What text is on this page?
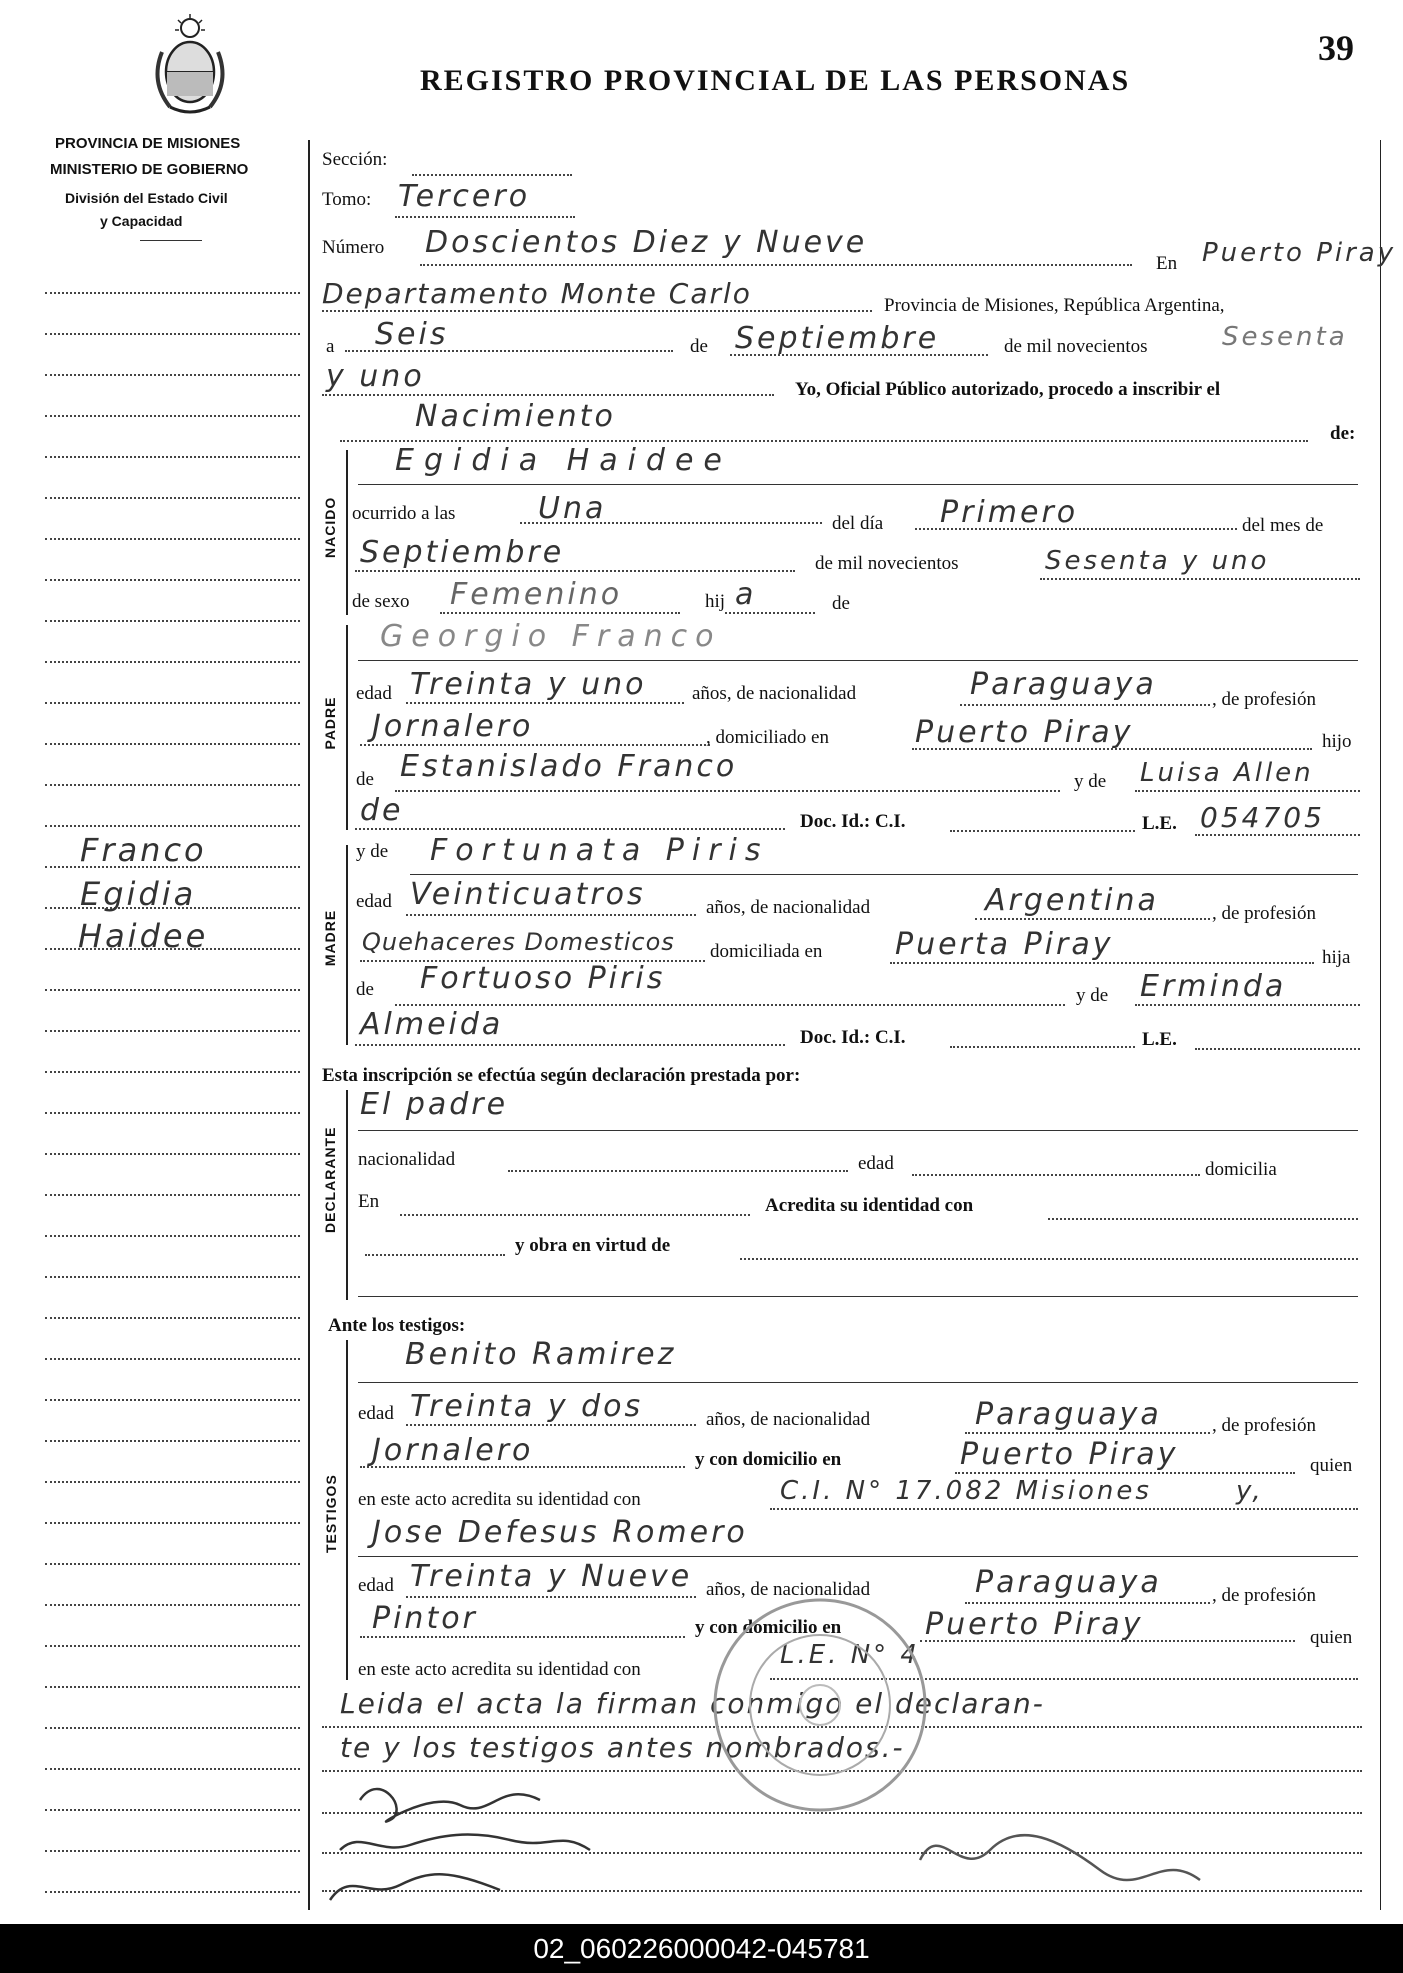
REGISTRO PROVINCIAL DE LAS PERSONAS
39
PROVINCIA DE MISIONES
MINISTERIO DE GOBIERNO
División del Estado Civil
y Capacidad
Franco
Egidia
Haidee
Sección:
Tomo: Tercero
Número Doscientos Diez y Nueve
En Puerto Piray
Departamento Monte Carlo	Provincia de Misiones, República Argentina,
a Seis	de Septiembre	de mil novecientos	Sesenta
y uno	Yo, Oficial Público autorizado, procedo a inscribir el
Nacimiento	de:
NACIDO
Egidia Haidee
ocurrido a las	Una	del día Primero	del mes de
Septiembre	de mil novecientos	Sesenta y uno
de sexo Femenino	hij a	de
PADRE
Georgio Franco
edad Treinta y uno años, de nacionalidad	Paraguaya	, de profesión
Jornalero	, domiciliado en	Puerto Piray	hijo
de Estanislado Franco	y de Luisa Allen
de	Doc. Id.: C.I.	L.E. 054705
MADRE
y de Fortunata Piris
edad Veinticuatros	años, de nacionalidad	Argentina	, de profesión
Quehaceres Domesticos domiciliada en Puerta Piray	hija
de Fortuoso Piris	y de Erminda
Almeida	Doc. Id.: C.I.	L.E.
Esta inscripción se efectúa según declaración prestada por:
DECLARANTE
El padre
nacionalidad	edad	domicilia
En	Acredita su identidad con
y obra en virtud de
Ante los testigos:
TESTIGOS
Benito Ramirez
edad Treinta y dos	años, de nacionalidad	Paraguaya	, de profesión
Jornalero	y con domicilio en	Puerto Piray	quien
en este acto acredita su identidad con	C.I. N° 17.082 Misiones	y,
Jose Defesus Romero
edad Treinta y Nueve años, de nacionalidad	Paraguaya	, de profesión
Pintor	y con domicilio en	Puerto Piray	quien
en este acto acredita su identidad con	L.E. N° 4
Leida el acta la firman conmigo el declaran-
te y los testigos antes nombrados.-
02_060226000042-045781
